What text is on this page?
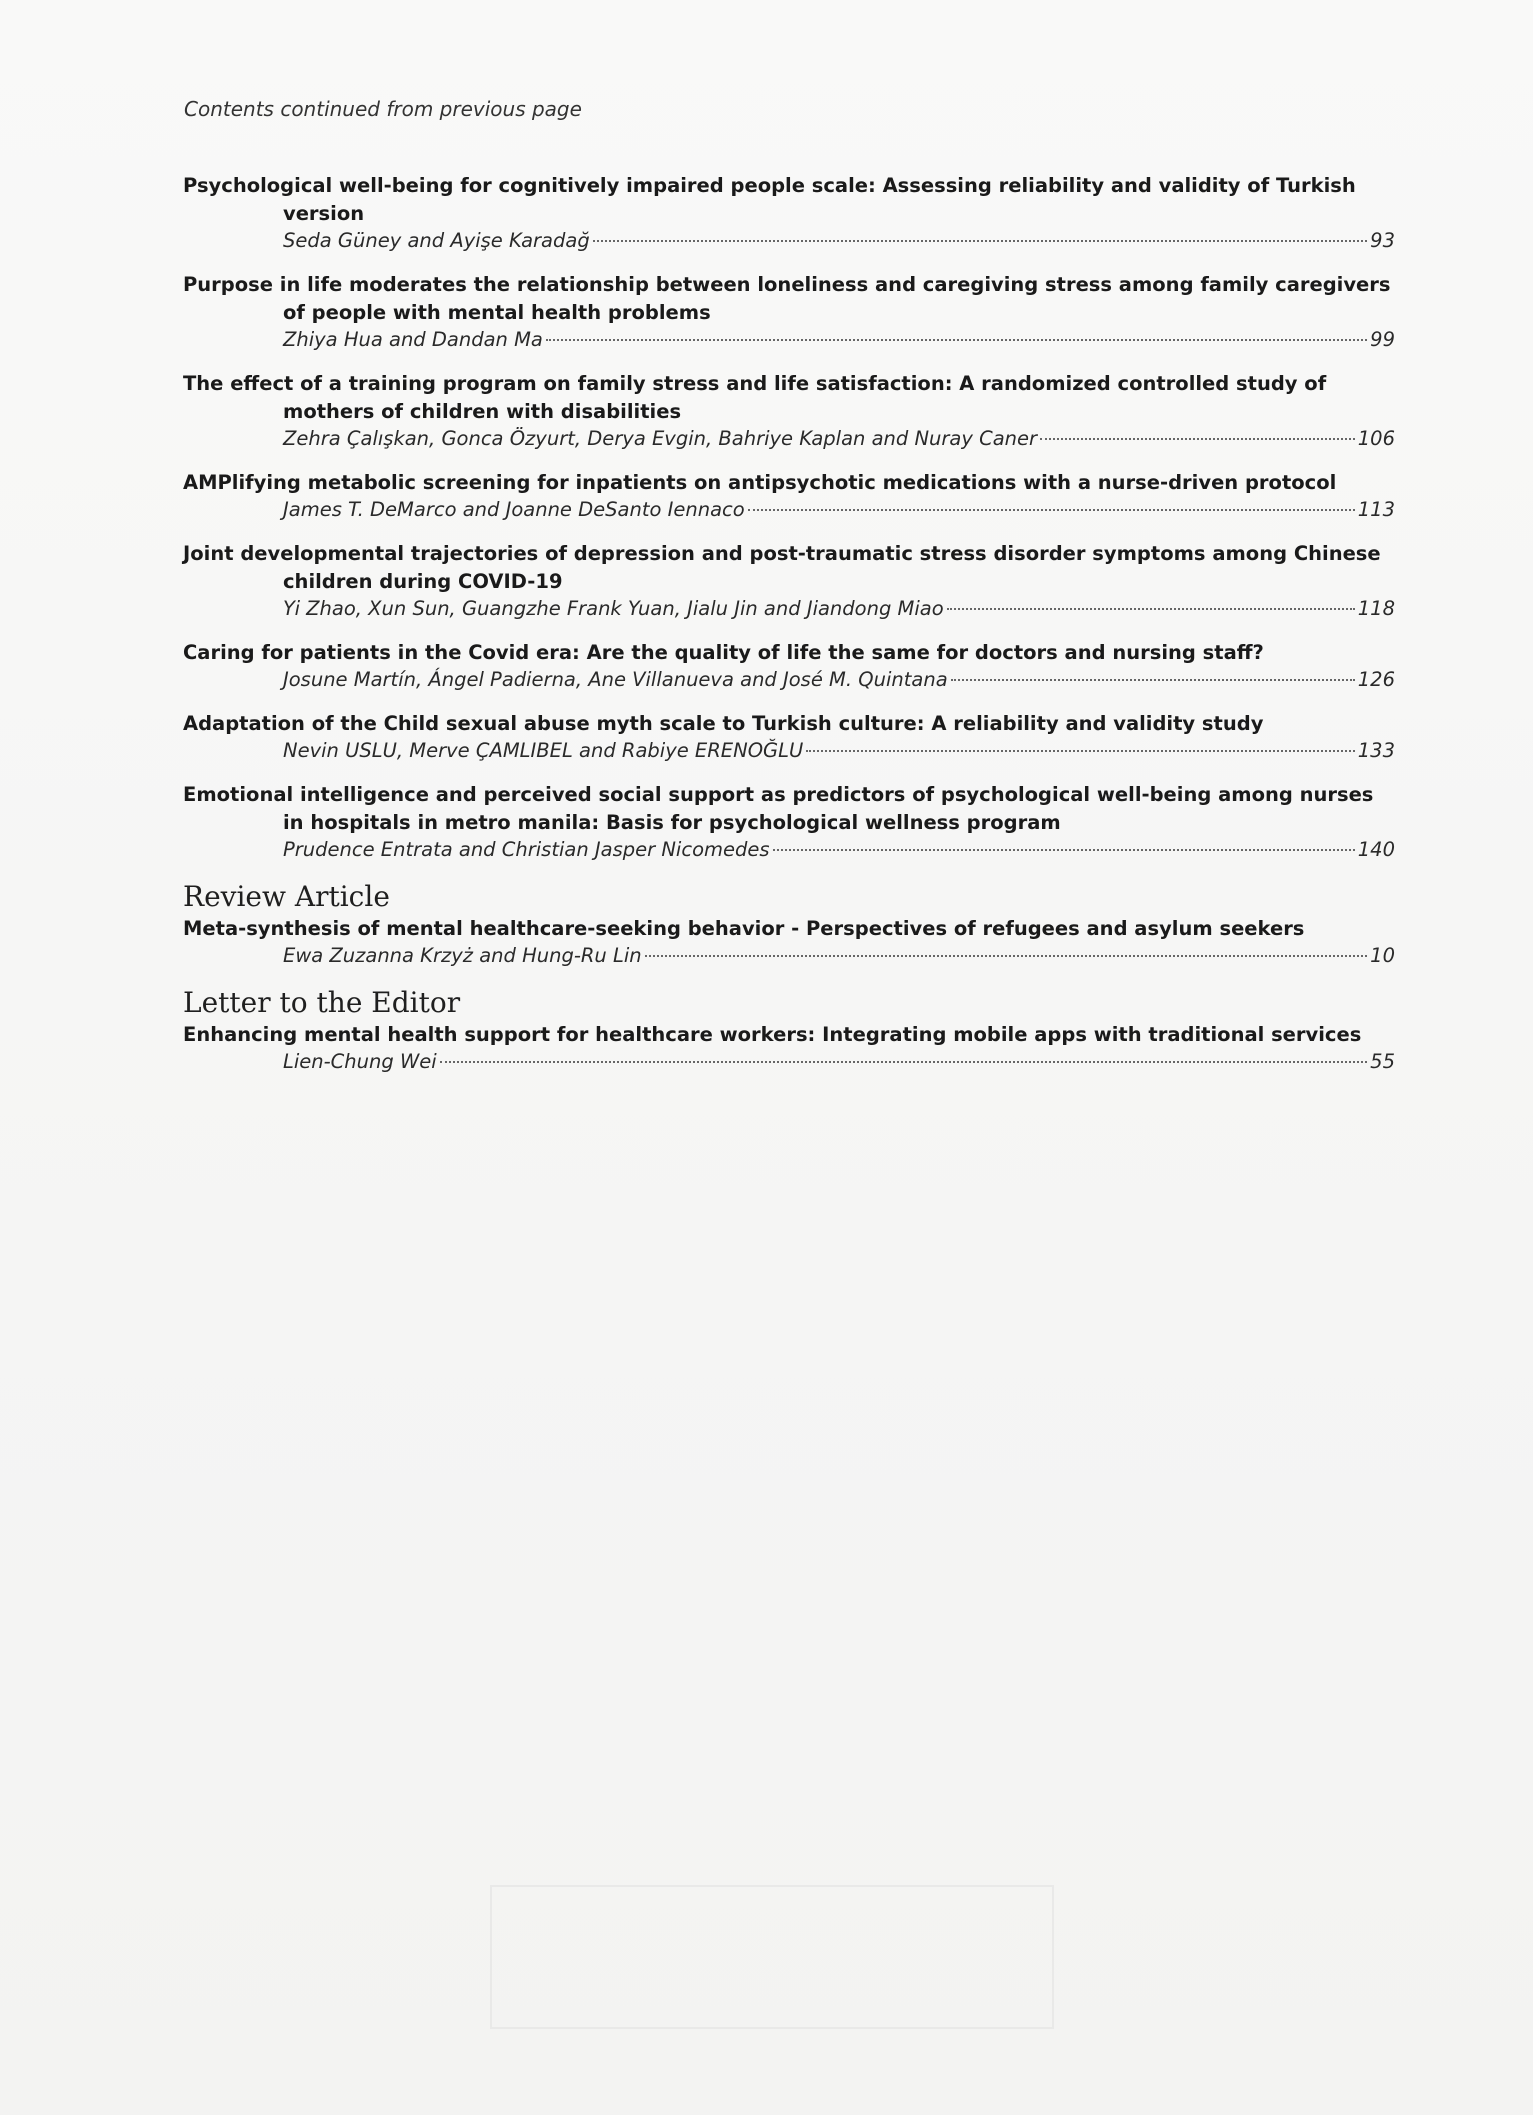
Contents continued from previous page
Psychological well-being for cognitively impaired people scale: Assessing reliability and validity of Turkish version
Seda Güney and Ayişe Karadağ	93
Purpose in life moderates the relationship between loneliness and caregiving stress among family caregivers of people with mental health problems
Zhiya Hua and Dandan Ma	99
The effect of a training program on family stress and life satisfaction: A randomized controlled study of mothers of children with disabilities
Zehra Çalışkan, Gonca Özyurt, Derya Evgin, Bahriye Kaplan and Nuray Caner	106
AMPlifying metabolic screening for inpatients on antipsychotic medications with a nurse-driven protocol
James T. DeMarco and Joanne DeSanto Iennaco	113
Joint developmental trajectories of depression and post-traumatic stress disorder symptoms among Chinese children during COVID-19
Yi Zhao, Xun Sun, Guangzhe Frank Yuan, Jialu Jin and Jiandong Miao	118
Caring for patients in the Covid era: Are the quality of life the same for doctors and nursing staff?
Josune Martín, Ángel Padierna, Ane Villanueva and José M. Quintana	126
Adaptation of the Child sexual abuse myth scale to Turkish culture: A reliability and validity study
Nevin USLU, Merve ÇAMLIBEL and Rabiye ERENOĞLU	133
Emotional intelligence and perceived social support as predictors of psychological well-being among nurses in hospitals in metro manila: Basis for psychological wellness program
Prudence Entrata and Christian Jasper Nicomedes	140
Review Article
Meta-synthesis of mental healthcare-seeking behavior - Perspectives of refugees and asylum seekers
Ewa Zuzanna Krzyż and Hung-Ru Lin	10
Letter to the Editor
Enhancing mental health support for healthcare workers: Integrating mobile apps with traditional services
Lien-Chung Wei	55
